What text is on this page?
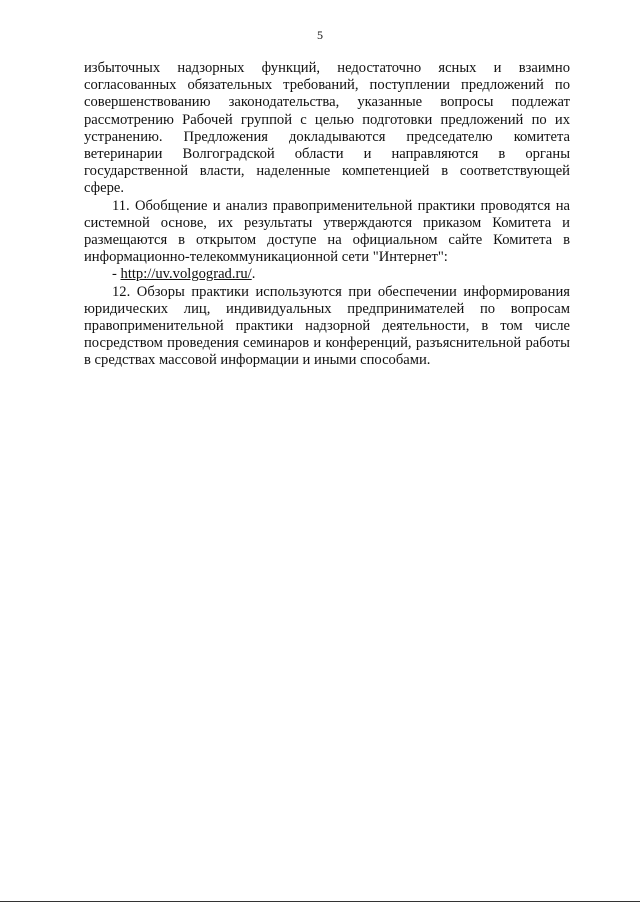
5

избыточных надзорных функций, недостаточно ясных и взаимно согласованных обязательных требований, поступлении предложений по совершенствованию законодательства, указанные вопросы подлежат рассмотрению Рабочей группой с целью подготовки предложений по их устранению. Предложения докладываются председателю комитета ветеринарии Волгоградской области и направляются в органы государственной власти, наделенные компетенцией в соответствующей сфере.

11. Обобщение и анализ правоприменительной практики проводятся на системной основе, их результаты утверждаются приказом Комитета и размещаются в открытом доступе на официальном сайте Комитета в информационно-телекоммуникационной сети "Интернет":

- http://uv.volgograd.ru/.

12. Обзоры практики используются при обеспечении информирования юридических лиц, индивидуальных предпринимателей по вопросам правоприменительной практики надзорной деятельности, в том числе посредством проведения семинаров и конференций, разъяснительной работы в средствах массовой информации и иными способами.
